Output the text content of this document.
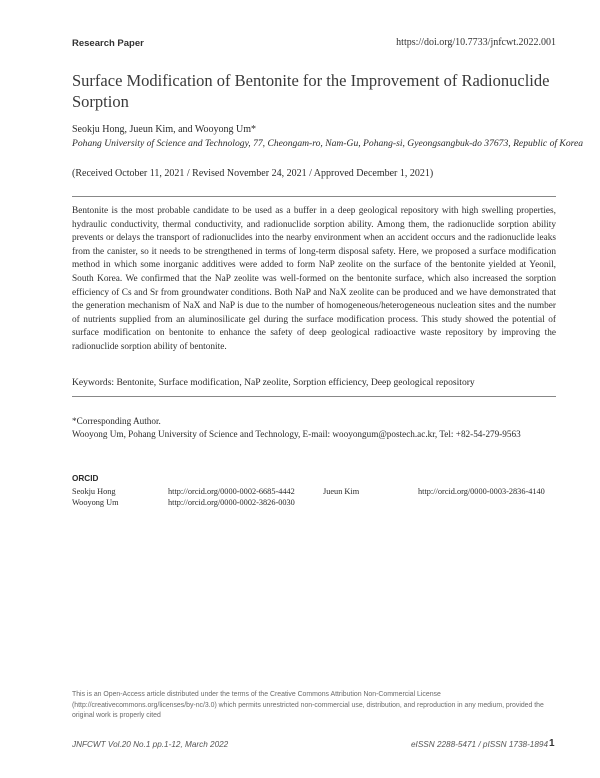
Research Paper	https://doi.org/10.7733/jnfcwt.2022.001
Surface Modification of Bentonite for the Improvement of Radionuclide Sorption
Seokju Hong, Jueun Kim, and Wooyong Um*
Pohang University of Science and Technology, 77, Cheongam-ro, Nam-Gu, Pohang-si, Gyeongsangbuk-do 37673, Republic of Korea
(Received October 11, 2021 / Revised November 24, 2021 / Approved December 1, 2021)

Bentonite is the most probable candidate to be used as a buffer in a deep geological repository with high swelling properties, hydraulic conductivity, thermal conductivity, and radionuclide sorption ability. Among them, the radionuclide sorption ability prevents or delays the transport of radionuclides into the nearby environment when an accident occurs and the radionuclide leaks from the canister, so it needs to be strengthened in terms of long-term disposal safety. Here, we proposed a surface modification method in which some inorganic additives were added to form NaP zeolite on the surface of the bentonite yielded at Yeonil, South Korea. We confirmed that the NaP zeolite was well-formed on the bentonite surface, which also increased the sorption efficiency of Cs and Sr from groundwater conditions. Both NaP and NaX zeolite can be produced and we have demonstrated that the generation mechanism of NaX and NaP is due to the number of homogeneous/heterogeneous nucleation sites and the number of nutrients supplied from an aluminosilicate gel during the surface modification process. This study showed the potential of surface modification on bentonite to enhance the safety of deep geological radioactive waste repository by improving the radionuclide sorption ability of bentonite.

Keywords: Bentonite, Surface modification, NaP zeolite, Sorption efficiency, Deep geological repository
*Corresponding Author.
Wooyong Um, Pohang University of Science and Technology, E-mail: wooyongum@postech.ac.kr, Tel: +82-54-279-9563
ORCID
Seokju Hong	http://orcid.org/0000-0002-6685-4442	Jueun Kim	http://orcid.org/0000-0003-2836-4140
Wooyong Um	http://orcid.org/0000-0002-3826-0030

This is an Open-Access article distributed under the terms of the Creative Commons Attribution Non-Commercial License (http://creativecommons.org/licenses/by-nc/3.0) which permits unrestricted non-commercial use, distribution, and reproduction in any medium, provided the original work is properly cited

JNFCWT Vol.20 No.1 pp.1-12, March 2022	eISSN 2288-5471 / pISSN 1738-1894 1
